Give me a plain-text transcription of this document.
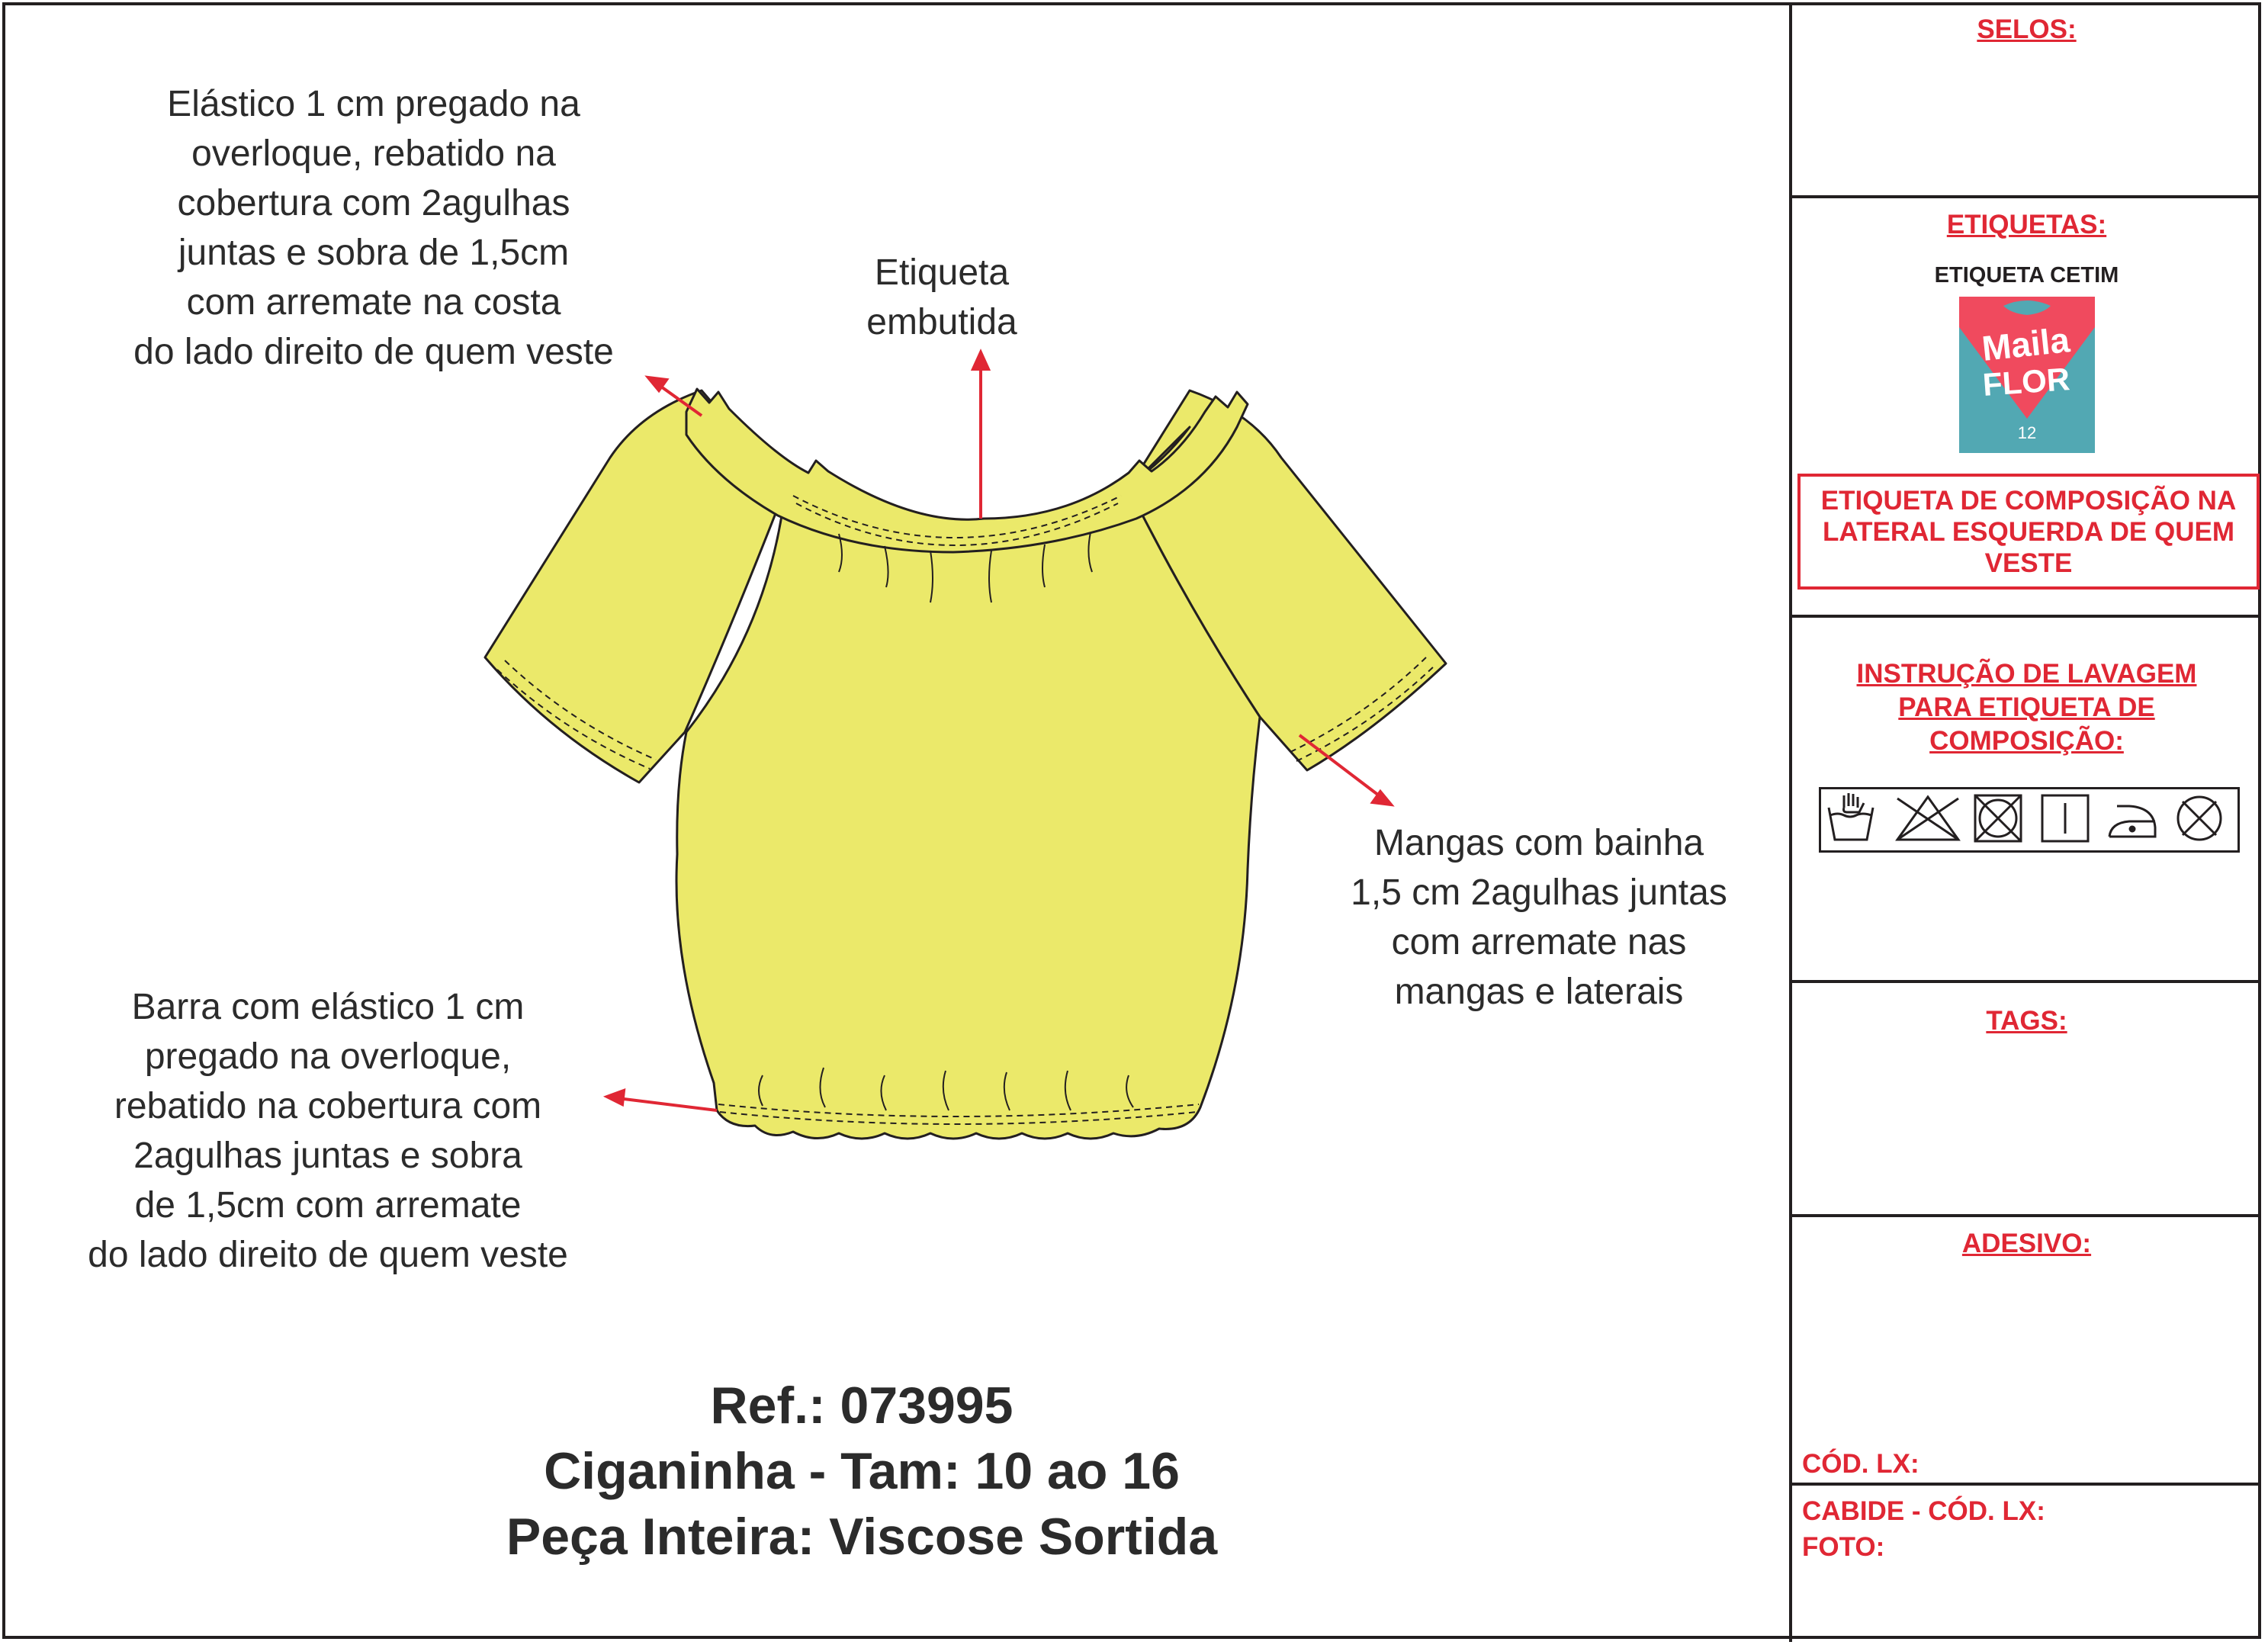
SELOS:
ETIQUETAS:
ETIQUETA CETIM
Maila
FLOR
12
ETIQUETA DE COMPOSIÇÃO NA LATERAL ESQUERDA DE QUEM VESTE
INSTRUÇÃO DE LAVAGEM
PARA ETIQUETA DE
COMPOSIÇÃO:
TAGS:
ADESIVO:
CÓD. LX:
CABIDE - CÓD. LX:
FOTO:
Elástico 1 cm pregado na
overloque, rebatido na
cobertura com 2agulhas
juntas e sobra de 1,5cm
com arremate na costa
do lado direito de quem veste
Etiqueta
embutida
Mangas com bainha
1,5 cm 2agulhas juntas
com arremate nas
mangas e laterais
Barra com elástico 1 cm
pregado na overloque,
rebatido na cobertura com
2agulhas juntas e sobra
de 1,5cm com arremate
do lado direito de quem veste
Ref.: 073995
Ciganinha - Tam: 10 ao 16
Peça Inteira: Viscose Sortida
